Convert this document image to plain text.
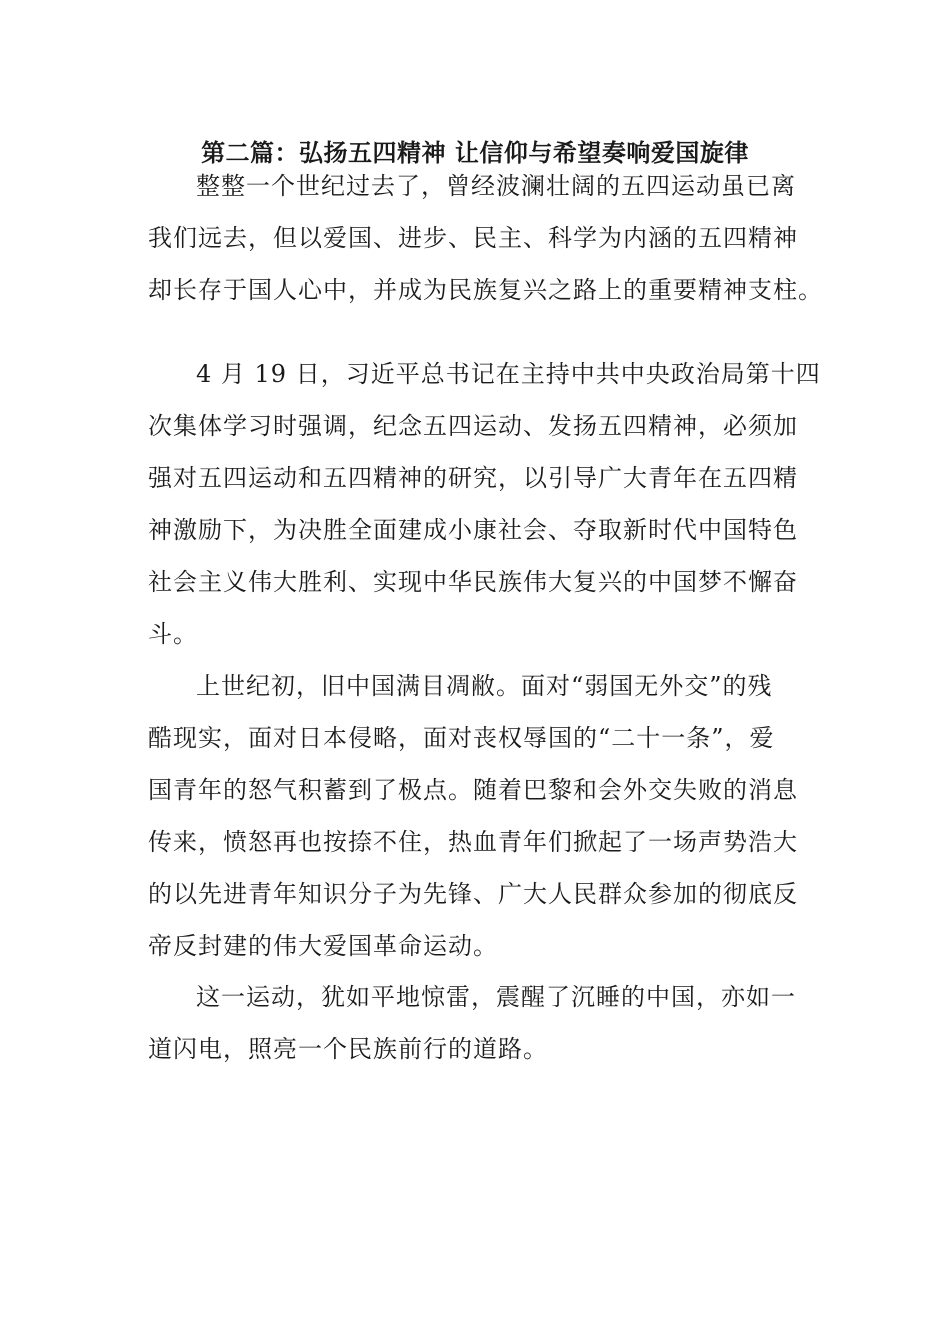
第二篇：弘扬五四精神 让信仰与希望奏响爱国旋律
整整一个世纪过去了，曾经波澜壮阔的五四运动虽已离
我们远去，但以爱国、进步、民主、科学为内涵的五四精神
却长存于国人心中，并成为民族复兴之路上的重要精神支柱。
4 月 19 日，习近平总书记在主持中共中央政治局第十四
次集体学习时强调，纪念五四运动、发扬五四精神，必须加
强对五四运动和五四精神的研究，以引导广大青年在五四精
神激励下，为决胜全面建成小康社会、夺取新时代中国特色
社会主义伟大胜利、实现中华民族伟大复兴的中国梦不懈奋
斗。
上世纪初，旧中国满目凋敝。面对“弱国无外交”的残
酷现实，面对日本侵略，面对丧权辱国的“二十一条”，爱
国青年的怒气积蓄到了极点。随着巴黎和会外交失败的消息
传来，愤怒再也按捺不住，热血青年们掀起了一场声势浩大
的以先进青年知识分子为先锋、广大人民群众参加的彻底反
帝反封建的伟大爱国革命运动。
这一运动，犹如平地惊雷，震醒了沉睡的中国，亦如一
道闪电，照亮一个民族前行的道路。
